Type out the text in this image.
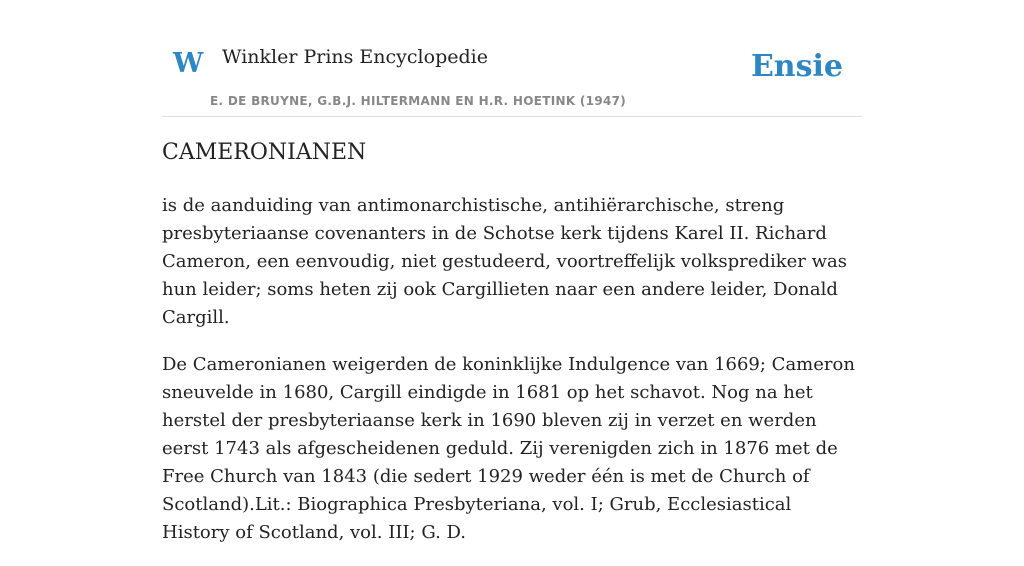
W Winkler Prins Encyclopedie
E. DE BRUYNE, G.B.J. HILTERMANN EN H.R. HOETINK (1947)
Ensie
CAMERONIANEN

is de aanduiding van antimonarchistische, antihiërarchische, streng presbyteriaanse covenanters in de Schotse kerk tijdens Karel II. Richard Cameron, een eenvoudig, niet gestudeerd, voortreffelijk volksprediker was hun leider; soms heten zij ook Cargillieten naar een andere leider, Donald Cargill.

De Cameronianen weigerden de koninklijke Indulgence van 1669; Cameron sneuvelde in 1680, Cargill eindigde in 1681 op het schavot. Nog na het herstel der presbyteriaanse kerk in 1690 bleven zij in verzet en werden eerst 1743 als afgescheidenen geduld. Zij verenigden zich in 1876 met de Free Church van 1843 (die sedert 1929 weder één is met de Church of Scotland).Lit.: Biographica Presbyteriana, vol. I; Grub, Ecclesiastical History of Scotland, vol. III; G. D.
